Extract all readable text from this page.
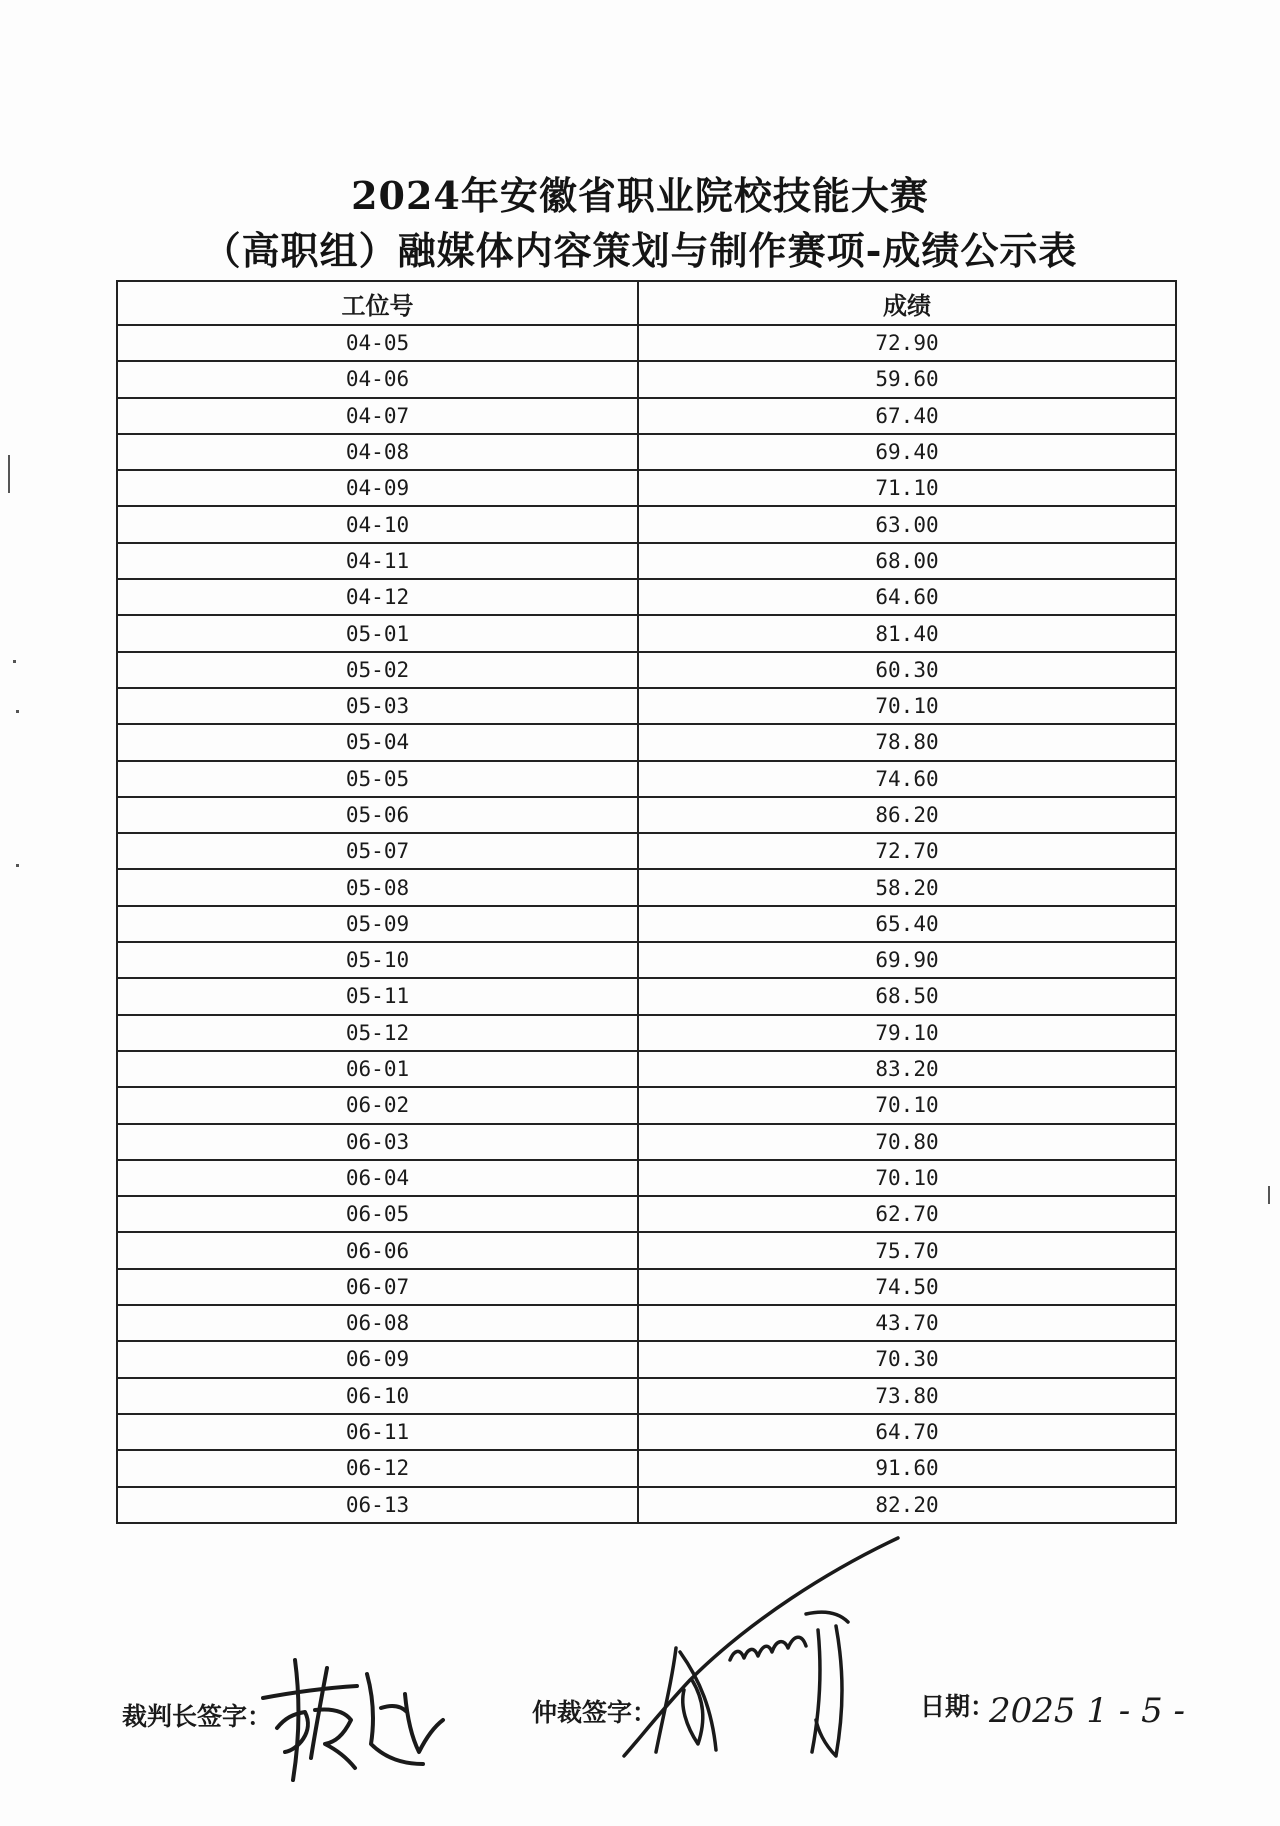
2024年安徽省职业院校技能大赛
（高职组）融媒体内容策划与制作赛项-成绩公示表
工位号	成绩
04-05	72.90
04-06	59.60
04-07	67.40
04-08	69.40
04-09	71.10
04-10	63.00
04-11	68.00
04-12	64.60
05-01	81.40
05-02	60.30
05-03	70.10
05-04	78.80
05-05	74.60
05-06	86.20
05-07	72.70
05-08	58.20
05-09	65.40
05-10	69.90
05-11	68.50
05-12	79.10
06-01	83.20
06-02	70.10
06-03	70.80
06-04	70.10
06-05	62.70
06-06	75.70
06-07	74.50
06-08	43.70
06-09	70.30
06-10	73.80
06-11	64.70
06-12	91.60
06-13	82.20
裁判长签字：	仲裁签字：	日期：
2025 1 - 5 -
